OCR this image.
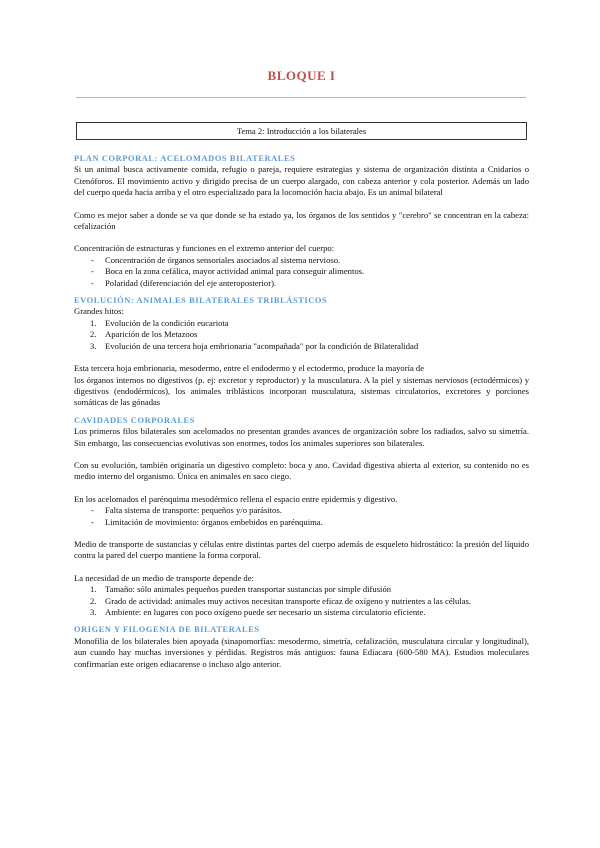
BLOQUE I
Tema 2: Introducción a los bilaterales
PLAN CORPORAL: ACELOMADOS BILATERALES

Si un animal busca activamente comida, refugio o pareja, requiere estrategias y sistema de organización distinta a Cnidarios o Ctenóforos. El movimiento activo y dirigido precisa de un cuerpo alargado, con cabeza anterior y cola posterior. Además un lado del cuerpo queda hacia arriba y el otro especializado para la locomoción hacia abajo. Es un animal bilateral

Como es mejor saber a donde se va que donde se ha estado ya, los órganos de los sentidos y "cerebro" se concentran en la cabeza: cefalización

Concentración de estructuras y funciones en el extremo anterior del cuerpo:

- Concentración de órganos sensoriales asociados al sistema nervioso.
- Boca en la zona cefálica, mayor actividad animal para conseguir alimentos.
- Polaridad (diferenciación del eje anteroposterior).
EVOLUCIÓN: ANIMALES BILATERALES TRIBLÁSTICOS

Grandes hitos:

1. Evolución de la condición eucariota
2. Aparición de los Metazoos
3. Evolución de una tercera hoja embrionaria "acompañada" por la condición de Bilateralidad

Esta tercera hoja embrionaria, mesodermo, entre el endodermo y el ectodermo, produce la mayoría de

los órganos internos no digestivos (p. ej: excretor y reproductor) y la musculatura. A la piel y sistemas nerviosos (ectodérmicos) y digestivos (endodérmicos), los animales triblásticos incorporan musculatura, sistemas circulatorios, excretores y porciones somáticas de las gónadas

CAVIDADES CORPORALES

Los primeros filos bilaterales son acelomados no presentan grandes avances de organización sobre los radiados, salvo su simetría. Sin embargo, las consecuencias evolutivas son enormes, todos los animales superiores son bilaterales.

Con su evolución, también originaría un digestivo completo: boca y ano. Cavidad digestiva abierta al exterior, su contenido no es medio interno del organismo. Única en animales en saco ciego.

En los acelomados el parénquima mesodérmico rellena el espacio entre epidermis y digestivo.

- Falta sistema de transporte: pequeños y/o parásitos.
- Limitación de movimiento: órganos embebidos en parénquima.

Medio de transporte de sustancias y células entre distintas partes del cuerpo además de esqueleto hidrostático: la presión del líquido contra la pared del cuerpo mantiene la forma corporal.

La necesidad de un medio de transporte depende de:

1. Tamaño: sólo animales pequeños pueden transportar sustancias por simple difusión
2. Grado de actividad: animales muy activos necesitan transporte eficaz de oxígeno y nutrientes a las células.
3. Ambiente: en lugares con poco oxígeno puede ser necesario un sistema circulatorio eficiente.
ORIGEN Y FILOGENIA DE BILATERALES

Monofilia de los bilaterales bien apoyada (sinapomorfías: mesodermo, simetría, cefalización, musculatura circular y longitudinal), aun cuando hay muchas inversiones y pérdidas. Registros más antiguos: fauna Ediacara (600-580 MA). Estudios moleculares confirmarían este origen ediacarense o incluso algo anterior.
